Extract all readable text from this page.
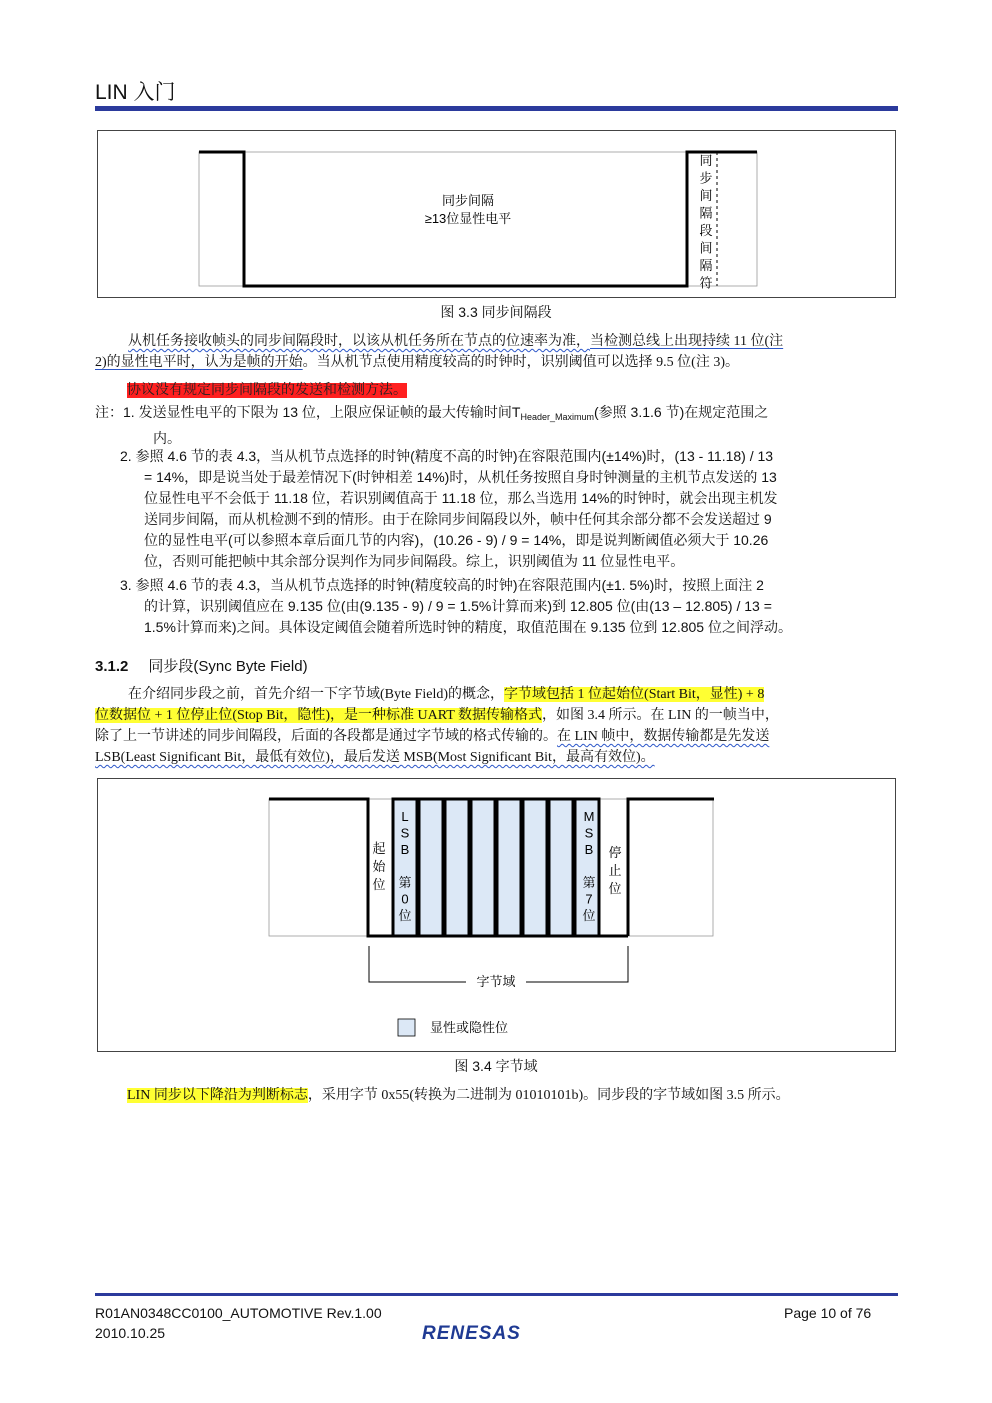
LIN 入门
同步间隔
≥13位显性电平
同
步
间
隔
段
间
隔
符
图 3.3 同步间隔段
从机任务接收帧头的同步间隔段时，以该从机任务所在节点的位速率为准，当检测总线上出现持续 11 位(注
2)的显性电平时，认为是帧的开始。当从机节点使用精度较高的时钟时，识别阈值可以选择 9.5 位(注 3)。
协议没有规定同步间隔段的发送和检测方法。
注：1. 发送显性电平的下限为 13 位，上限应保证帧的最大传输时间$T_{Header\_Maximum}$(参照 3.1.6 节)在规定范围之
内。
2. 参照 4.6 节的表 4.3，当从机节点选择的时钟(精度不高的时钟)在容限范围内(±14%)时，(13 - 11.18) / 13
= 14%，即是说当处于最差情况下(时钟相差 14%)时，从机任务按照自身时钟测量的主机节点发送的 13
位显性电平不会低于 11.18 位，若识别阈值高于 11.18 位，那么当选用 14%的时钟时，就会出现主机发
送同步间隔，而从机检测不到的情形。由于在除同步间隔段以外，帧中任何其余部分都不会发送超过 9
位的显性电平(可以参照本章后面几节的内容)，(10.26 - 9) / 9 = 14%，即是说判断阈值必须大于 10.26
位，否则可能把帧中其余部分误判作为同步间隔段。综上，识别阈值为 11 位显性电平。
3. 参照 4.6 节的表 4.3，当从机节点选择的时钟(精度较高的时钟)在容限范围内(±1. 5%)时，按照上面注 2
的计算，识别阈值应在 9.135 位(由(9.135 - 9) / 9 = 1.5%计算而来)到 12.805 位(由(13 – 12.805) / 13 =
1.5%计算而来)之间。具体设定阈值会随着所选时钟的精度，取值范围在 9.135 位到 12.805 位之间浮动。
3.1.2 同步段(Sync Byte Field)
在介绍同步段之前，首先介绍一下字节域(Byte Field)的概念，字节域包括 1 位起始位(Start Bit，显性) + 8
位数据位 + 1 位停止位(Stop Bit，隐性)，是一种标准 UART 数据传输格式，如图 3.4 所示。在 LIN 的一帧当中，
除了上一节讲述的同步间隔段，后面的各段都是通过字节域的格式传输的。在 LIN 帧中，数据传输都是先发送
LSB(Least Significant Bit，最低有效位)，最后发送 MSB(Most Significant Bit，最高有效位)。
起
始
位
L
S
B
第
0
位
M
S
B
第
7
位
停
止
位
字节域
显性或隐性位
图 3.4 字节域
LIN 同步以下降沿为判断标志，采用字节 0x55(转换为二进制为 01010101b)。同步段的字节域如图 3.5 所示。
R01AN0348CC0100_AUTOMOTIVE Rev.1.00
2010.10.25
Page 10 of 76
RENESAS
